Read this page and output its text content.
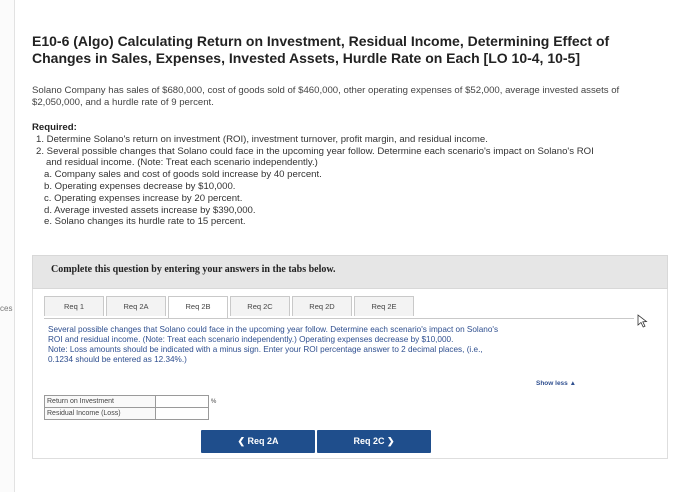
ces
E10-6 (Algo) Calculating Return on Investment, Residual Income, Determining Effect of Changes in Sales, Expenses, Invested Assets, Hurdle Rate on Each [LO 10-4, 10-5]
Solano Company has sales of $680,000, cost of goods sold of $460,000, other operating expenses of $52,000, average invested assets of $2,050,000, and a hurdle rate of 9 percent.
Required:
1. Determine Solano's return on investment (ROI), investment turnover, profit margin, and residual income.
2. Several possible changes that Solano could face in the upcoming year follow. Determine each scenario's impact on Solano's ROI
and residual income. (Note: Treat each scenario independently.)
a. Company sales and cost of goods sold increase by 40 percent.
b. Operating expenses decrease by $10,000.
c. Operating expenses increase by 20 percent.
d. Average invested assets increase by $390,000.
e. Solano changes its hurdle rate to 15 percent.
Complete this question by entering your answers in the tabs below.
Req 1	Req 2A	Req 2B	Req 2C	Req 2D	Req 2E
Several possible changes that Solano could face in the upcoming year follow. Determine each scenario's impact on Solano's
ROI and residual income. (Note: Treat each scenario independently.) Operating expenses decrease by $10,000.
Note: Loss amounts should be indicated with a minus sign. Enter your ROI percentage answer to 2 decimal places, (i.e.,
0.1234 should be entered as 12.34%.)
Show less ▲
Return on Investment		%
Residual Income (Loss)		
❮ Req 2A	Req 2C ❯
